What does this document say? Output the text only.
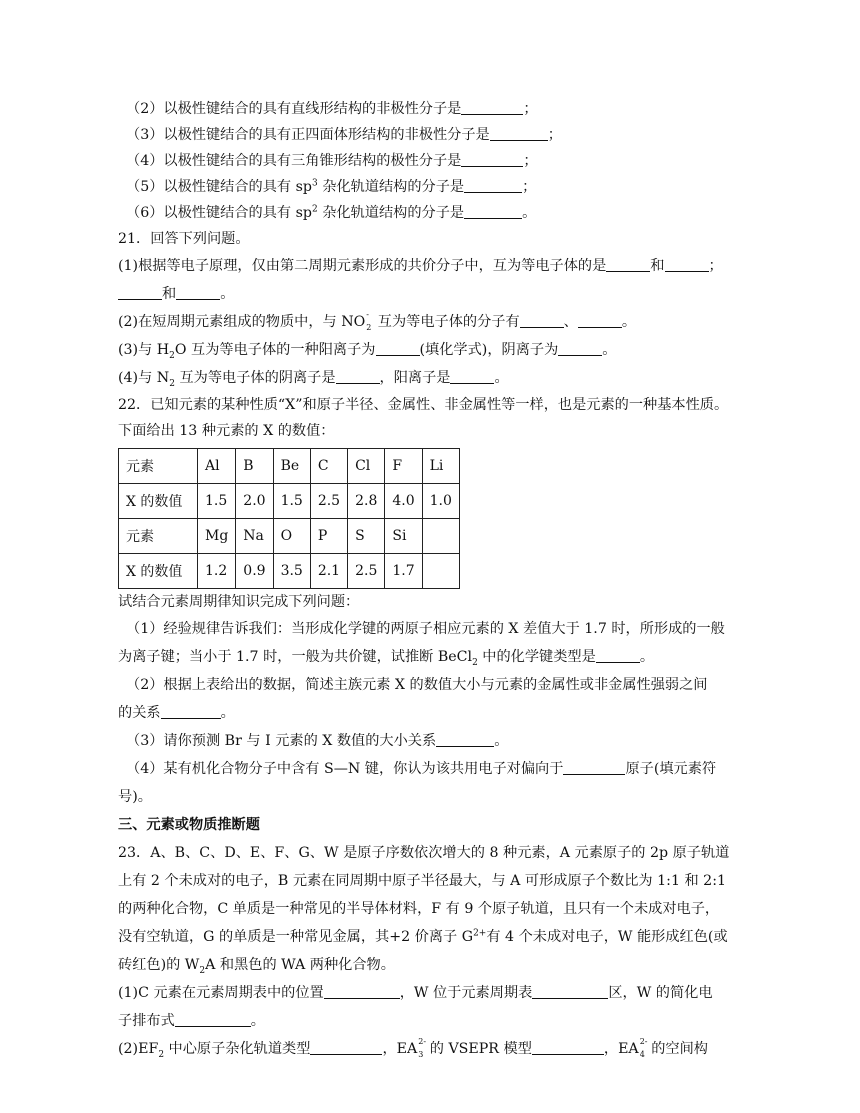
（2）以极性键结合的具有直线形结构的非极性分子是	；
（3）以极性键结合的具有正四面体形结构的非极性分子是	；
（4）以极性键结合的具有三角锥形结构的极性分子是	；
（5）以极性键结合的具有 $sp^3$ 杂化轨道结构的分子是	；
（6）以极性键结合的具有 $sp^2$ 杂化轨道结构的分子是	。
21．回答下列问题。
(1)根据等电子原理，仅由第二周期元素形成的共价分子中，互为等电子体的是	和	；
和	。
(2)在短周期元素组成的物质中，与 NO -
2 互为等电子体的分子有	、	。
(3)与 $H_2O$ 互为等电子体的一种阳离子为	(填化学式)，阴离子为	。
(4)与 $N_2$ 互为等电子体的阴离子是	，阳离子是	。
22．已知元素的某种性质“X”和原子半径、金属性、非金属性等一样，也是元素的一种基本性质。
下面给出 13 种元素的 X 的数值：
元素	Al	B	Be	C	Cl	F	Li
X 的数值	1.5	2.0	1.5	2.5	2.8	4.0	1.0
元素	Mg	Na	O	P	S	Si	
X 的数值	1.2	0.9	3.5	2.1	2.5	1.7	
试结合元素周期律知识完成下列问题：
（1）经验规律告诉我们：当形成化学键的两原子相应元素的 X 差值大于 1.7 时，所形成的一般
为离子键；当小于 1.7 时，一般为共价键，试推断 BeCl$_2$ 中的化学键类型是	。
（2）根据上表给出的数据，简述主族元素 X 的数值大小与元素的金属性或非金属性强弱之间
的关系	。
（3）请你预测 Br 与 I 元素的 X 数值的大小关系	。
（4）某有机化合物分子中含有 S—N 键，你认为该共用电子对偏向于	原子(填元素符
号)。
三、元素或物质推断题
23．A、B、C、D、E、F、G、W 是原子序数依次增大的 8 种元素，A 元素原子的 2p 原子轨道
上有 2 个未成对的电子，B 元素在同周期中原子半径最大，与 A 可形成原子个数比为 1:1 和 2:1
的两种化合物，C 单质是一种常见的半导体材料，F 有 9 个原子轨道，且只有一个未成对电子，
没有空轨道，G 的单质是一种常见金属，其+2 价离子 $G^{2+}$有 4 个未成对电子，W 能形成红色(或
砖红色)的 $W_2A$ 和黑色的 WA 两种化合物。
(1)C 元素在元素周期表中的位置	，W 位于元素周期表	区，W 的简化电
子排布式	。
$(2)EF_2$ 中心原子杂化轨道类型	，EA 2-
3 的 VSEPR 模型	，EA 2-
4 的空间构
